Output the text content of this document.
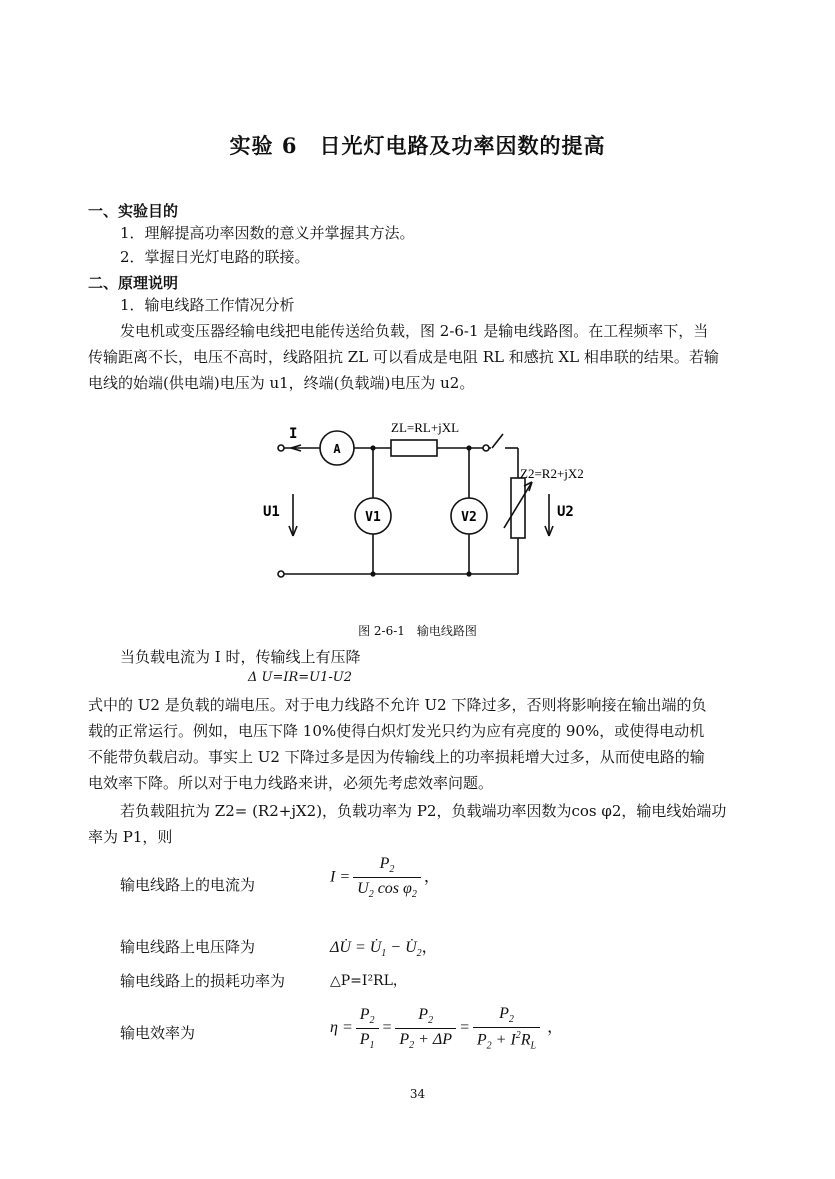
实验 6　日光灯电路及功率因数的提高
一、实验目的
1．理解提高功率因数的意义并掌握其方法。
2．掌握日光灯电路的联接。
二、原理说明
1．输电线路工作情况分析
发电机或变压器经输电线把电能传送给负载，图 2-6-1 是输电线路图。在工程频率下，当
传输距离不长，电压不高时，线路阻抗 ZL 可以看成是电阻 RL 和感抗 XL 相串联的结果。若输
电线的始端(供电端)电压为 u1，终端(负载端)电压为 u2。
I
A
ZL=RL+jXL
Z2=R2+jX2
U1	U2
V1	V2
图 2-6-1　输电线路图
当负载电流为 I 时，传输线上有压降
Δ U=IR=U1-U2
式中的 U2 是负载的端电压。对于电力线路不允许 U2 下降过多，否则将影响接在输出端的负
载的正常运行。例如，电压下降 10%使得白炽灯发光只约为应有亮度的 90%，或使得电动机
不能带负载启动。事实上 U2 下降过多是因为传输线上的功率损耗增大过多，从而使电路的输
电效率下降。所以对于电力线路来讲，必须先考虑效率问题。
若负载阻抗为 Z2= (R2+jX2)，负载功率为 P2，负载端功率因数为cos φ2，输电线始端功
率为 P1，则
输电线路上的电流为	$I = \frac{P_2}{U_2 \cos \varphi_2}$ ，
输电线路上电压降为	ΔU̇ = $U̇_1$ − $U̇_2$，
输电线路上的损耗功率为	△P=I²RL，
输电效率为	$\eta = \frac{P_2}{P_1} = \frac{P_2}{P_2 + \Delta P} = \frac{P_2}{P_2 + I^2R_L}$ ，
34
